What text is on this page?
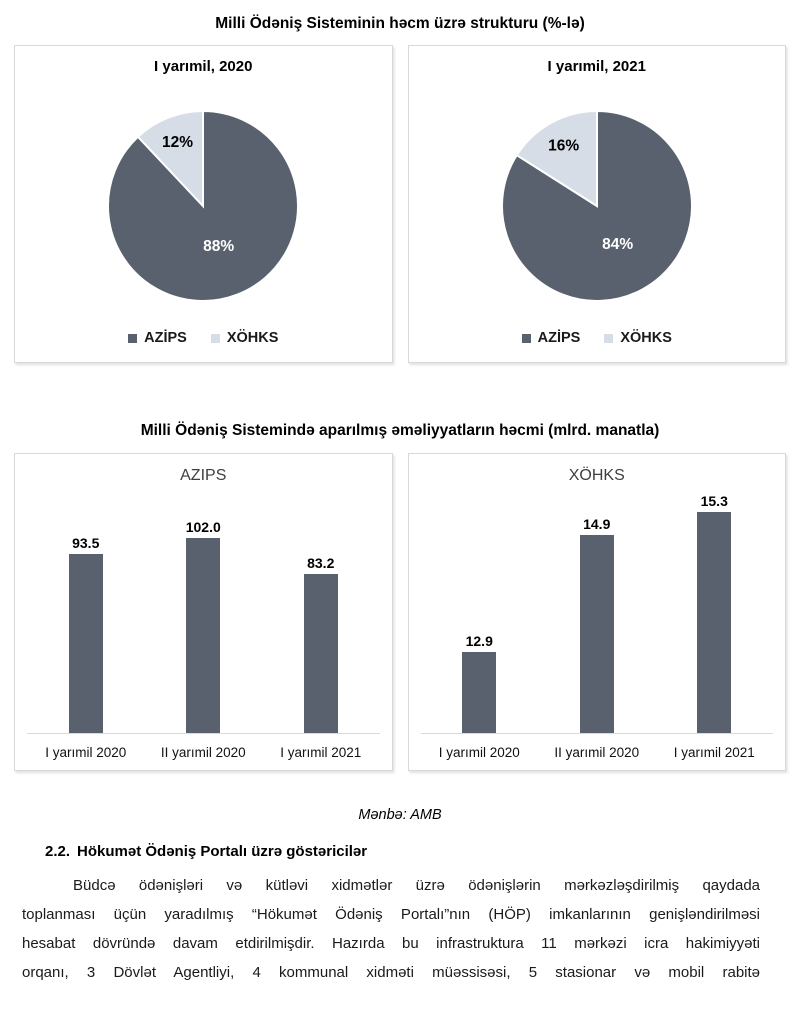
Milli Ödəniş Sisteminin həcm üzrə strukturu (%-lə)
I yarımil, 2020
88%
12%
AZİPS	XÖHKS
I yarımil, 2021
84%
16%
AZİPS	XÖHKS
Milli Ödəniş Sistemində aparılmış əməliyyatların həcmi (mlrd. manatla)
AZIPS
93.5
102.0
83.2
I yarımil 2020	II yarımil 2020	I yarımil 2021
XÖHKS
12.9
14.9
15.3
I yarımil 2020	II yarımil 2020	I yarımil 2021

Mənbə: AMB

2.2. Hökumət Ödəniş Portalı üzrə göstəricilər
Büdcə ödənişləri və kütləvi xidmətlər üzrə ödənişlərin mərkəzləşdirilmiş qaydada
toplanması üçün yaradılmış “Hökumət Ödəniş Portalı”nın (HÖP) imkanlarının genişləndirilməsi
hesabat dövründə davam etdirilmişdir. Hazırda bu infrastruktura 11 mərkəzi icra hakimiyyəti
orqanı, 3 Dövlət Agentliyi, 4 kommunal xidməti müəssisəsi, 5 stasionar və mobil rabitə
